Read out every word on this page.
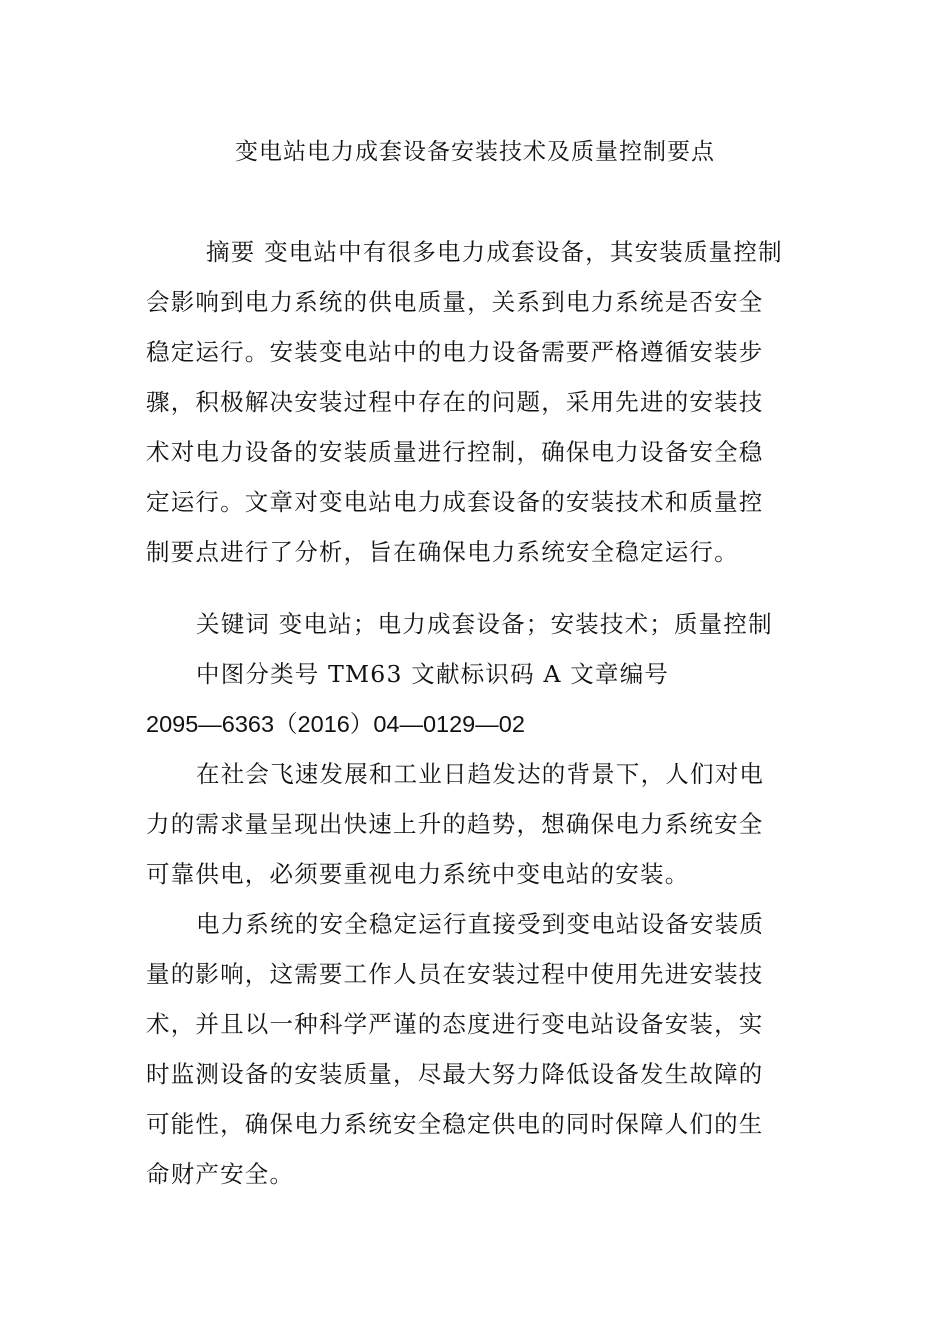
变电站电力成套设备安装技术及质量控制要点
摘要 变电站中有很多电力成套设备，其安装质量控制
会影响到电力系统的供电质量，关系到电力系统是否安全
稳定运行。安装变电站中的电力设备需要严格遵循安装步
骤，积极解决安装过程中存在的问题，采用先进的安装技
术对电力设备的安装质量进行控制，确保电力设备安全稳
定运行。文章对变电站电力成套设备的安装技术和质量控
制要点进行了分析，旨在确保电力系统安全稳定运行。
关键词 变电站；电力成套设备；安装技术；质量控制
中图分类号 TM63 文献标识码 A 文章编号
2095—6363（2016）04—0129—02
在社会飞速发展和工业日趋发达的背景下，人们对电
力的需求量呈现出快速上升的趋势，想确保电力系统安全
可靠供电，必须要重视电力系统中变电站的安装。
电力系统的安全稳定运行直接受到变电站设备安装质
量的影响，这需要工作人员在安装过程中使用先进安装技
术，并且以一种科学严谨的态度进行变电站设备安装，实
时监测设备的安装质量，尽最大努力降低设备发生故障的
可能性，确保电力系统安全稳定供电的同时保障人们的生
命财产安全。
